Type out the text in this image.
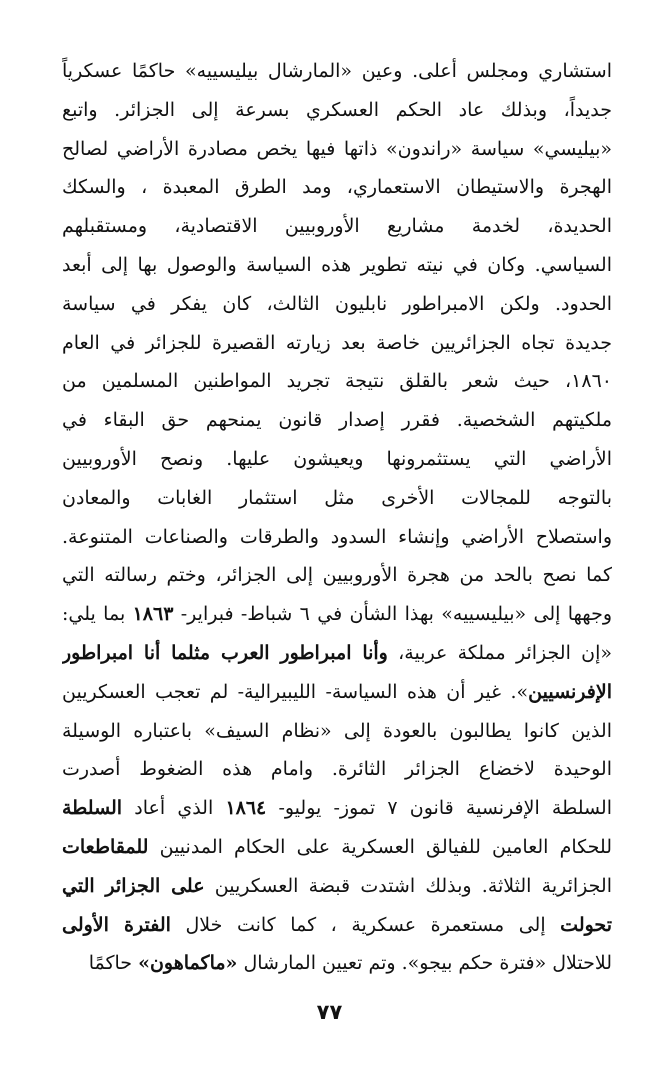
استشاري ومجلس أعلى. وعين «المارشال بيليسييه» حاكمًا عسكرياً
جديداً، وبذلك عاد الحكم العسكري بسرعة إلى الجزائر. واتبع
«بيليسي» سياسة «راندون» ذاتها فيها يخص مصادرة الأراضي لصالح
الهجرة والاستيطان الاستعماري، ومد الطرق المعبدة ، والسكك
الحديدة، لخدمة مشاريع الأوروبيين الاقتصادية، ومستقبلهم
السياسي. وكان في نيته تطوير هذه السياسة والوصول بها إلى أبعد
الحدود. ولكن الامبراطور نابليون الثالث، كان يفكر في سياسة
جديدة تجاه الجزائريين خاصة بعد زيارته القصيرة للجزائر في العام
١٨٦٠، حيث شعر بالقلق نتيجة تجريد المواطنين المسلمين من
ملكيتهم الشخصية. فقرر إصدار قانون يمنحهم حق البقاء في
الأراضي التي يستثمرونها ويعيشون عليها. ونصح الأوروبيين
بالتوجه للمجالات الأخرى مثل استثمار الغابات والمعادن
واستصلاح الأراضي وإنشاء السدود والطرقات والصناعات المتنوعة.
كما نصح بالحد من هجرة الأوروبيين إلى الجزائر، وختم رسالته التي
وجهها إلى «بيليسييه» بهذا الشأن في ٦ شباط- فبراير- ١٨٦٣ بما يلي:
«إن الجزائر مملكة عربية، وأنا امبراطور العرب مثلما أنا امبراطور
الإفرنسيين». غير أن هذه السياسة- الليبيرالية- لم تعجب العسكريين
الذين كانوا يطالبون بالعودة إلى «نظام السيف» باعتباره الوسيلة
الوحيدة لاخضاع الجزائر الثائرة. وامام هذه الضغوط أصدرت
السلطة الإفرنسية قانون ٧ تموز- يوليو- ١٨٦٤ الذي أعاد السلطة
للحكام العامين للفيالق العسكرية على الحكام المدنيين للمقاطعات
الجزائرية الثلاثة. وبذلك اشتدت قبضة العسكريين على الجزائر التي
تحولت إلى مستعمرة عسكرية ، كما كانت خلال الفترة الأولى
للاحتلال «فترة حكم بيجو». وتم تعيين المارشال «ماكماهون» حاكمًا
٧٧
